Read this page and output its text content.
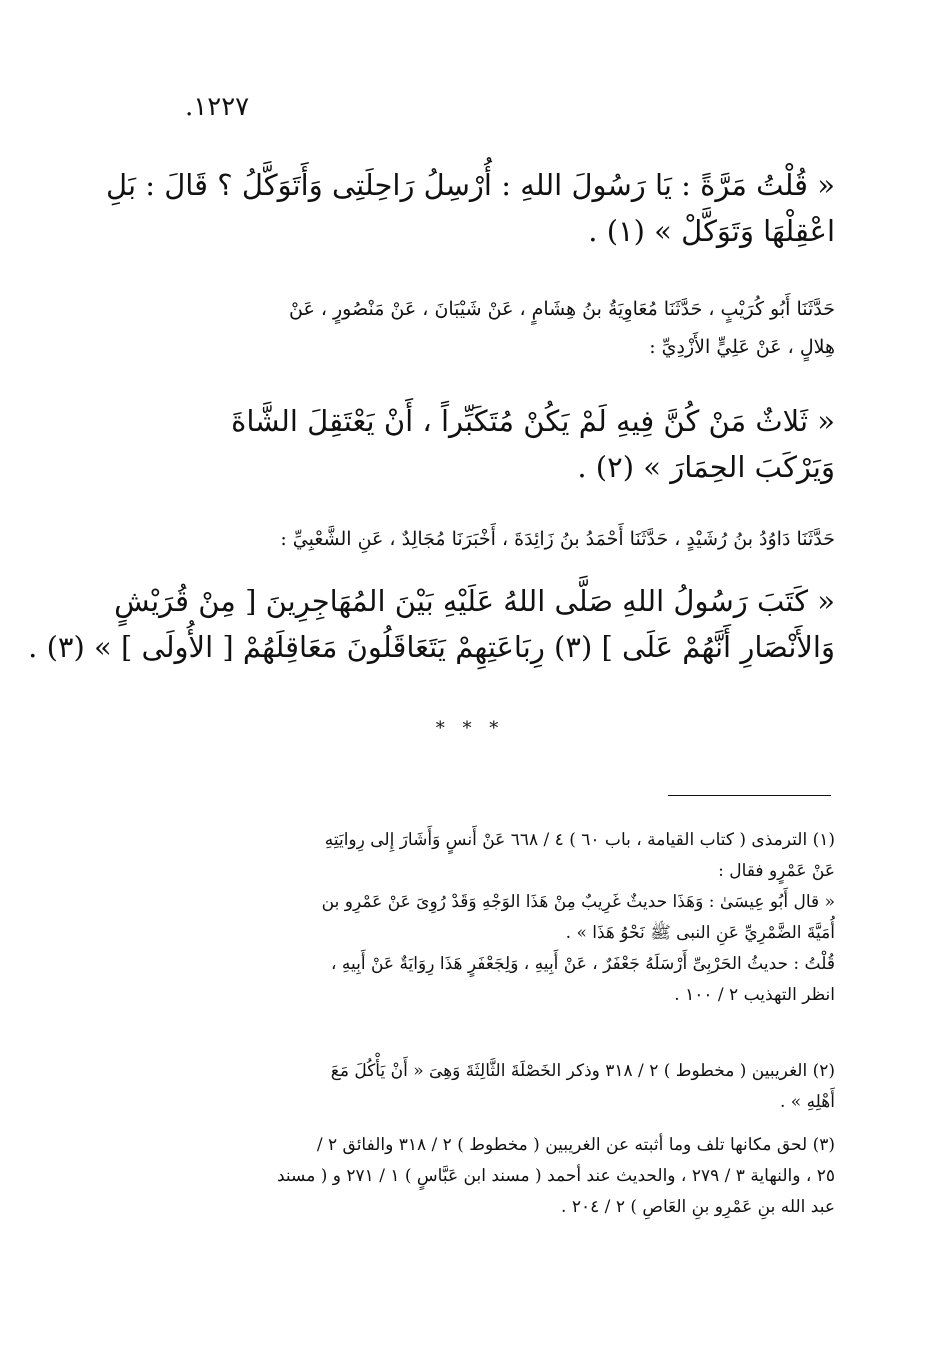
١٢٢٧.
« قُلْتُ مَرَّةً : يَا رَسُولَ اللهِ : أُرْسِلُ رَاحِلَتِى وَأَتَوَكَّلُ ؟ قَالَ : بَلِ
اعْقِلْهَا وَتَوَكَّلْ » (١) .
حَدَّثَنَا أَبُو كُرَيْبٍ ، حَدَّثَنَا مُعَاوِيَةُ بنُ هِشَامٍ ، عَنْ شَيْبَانَ ، عَنْ مَنْصُورٍ ، عَنْ
هِلالٍ ، عَنْ عَلِيٍّ الأَزْدِيِّ :
« ثَلاثٌ مَنْ كُنَّ فِيهِ لَمْ يَكُنْ مُتَكَبِّراً ، أَنْ يَعْتَقِلَ الشَّاةَ
وَيَرْكَبَ الحِمَارَ » (٢) .
حَدَّثَنَا دَاوُدُ بنُ رُشَيْدٍ ، حَدَّثَنَا أَحْمَدُ بنُ زَائِدَةَ ، أَخْبَرَنَا مُجَالِدٌ ، عَنِ الشَّعْبِيِّ :
« كَتَبَ رَسُولُ اللهِ صَلَّى اللهُ عَلَيْهِ بَيْنَ المُهَاجِرِينَ [ مِنْ قُرَيْشٍ
وَالأَنْصَارِ أَنَّهُمْ عَلَى ] (٣) رِبَاعَتِهِمْ يَتَعَاقَلُونَ مَعَاقِلَهُمْ [ الأُولَى ] » (٣) .
* * *
(١) الترمذى ( كتاب القيامة ، باب ٦٠ ) ٤ / ٦٦٨ عَنْ أَنسٍ وَأَشَارَ إِلى رِوايَتِهِ
عَنْ عَمْرٍو فقال :
« قال أَبُو عِيسَىٰ : وَهَذَا حديثٌ غَرِيبٌ مِنْ هَذَا الوَجْهِ وَقَدْ رُوِىَ عَنْ عَمْرِو بن
أُمَيَّةَ الضَّمْرِيِّ عَنِ النبى ﷺ نَحْوُ هَذَا » .
قُلْتُ : حديثُ الحَرْبِىِّ أَرْسَلَهُ جَعْفَرٌ ، عَنْ أَبِيهِ ، وَلِجَعْفَرٍ هَذَا رِوَايَةٌ عَنْ أَبِيهِ ،
انظر التهذيب ٢ / ١٠٠ .
(٢) الغريبين ( مخطوط ) ٢ / ٣١٨ وذكر الخَصْلَةَ الثَّالِثَةَ وَهِىَ « أَنْ يَأْكُلَ مَعَ
أَهْلِهِ » .
(٣) لحق مكانها تلف وما أثبته عن الغريبين ( مخطوط ) ٢ / ٣١٨ والفائق ٢ /
٢٥ ، والنهاية ٣ / ٢٧٩ ، والحديث عند أحمد ( مسند ابن عَبَّاسٍ ) ١ / ٢٧١ و ( مسند
عبد الله بنِ عَمْرِو بنِ العَاصِ ) ٢ / ٢٠٤ .
